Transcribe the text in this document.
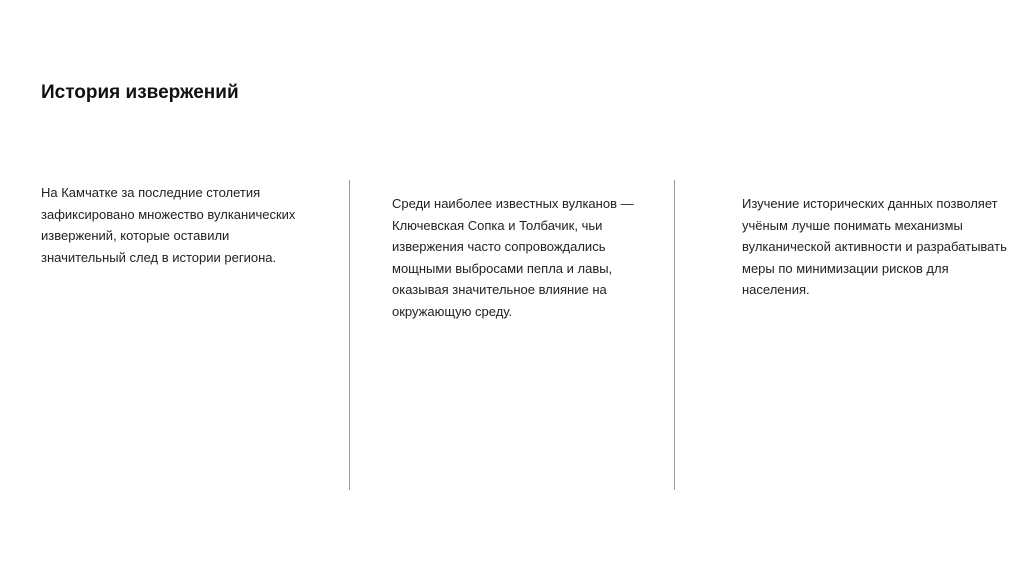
История извержений

На Камчатке за последние столетия зафиксировано множество вулканических извержений, которые оставили значительный след в истории региона.

Среди наиболее известных вулканов — Ключевская Сопка и Толбачик, чьи извержения часто сопровождались мощными выбросами пепла и лавы, оказывая значительное влияние на окружающую среду.

Изучение исторических данных позволяет учёным лучше понимать механизмы вулканической активности и разрабатывать меры по минимизации рисков для населения.
